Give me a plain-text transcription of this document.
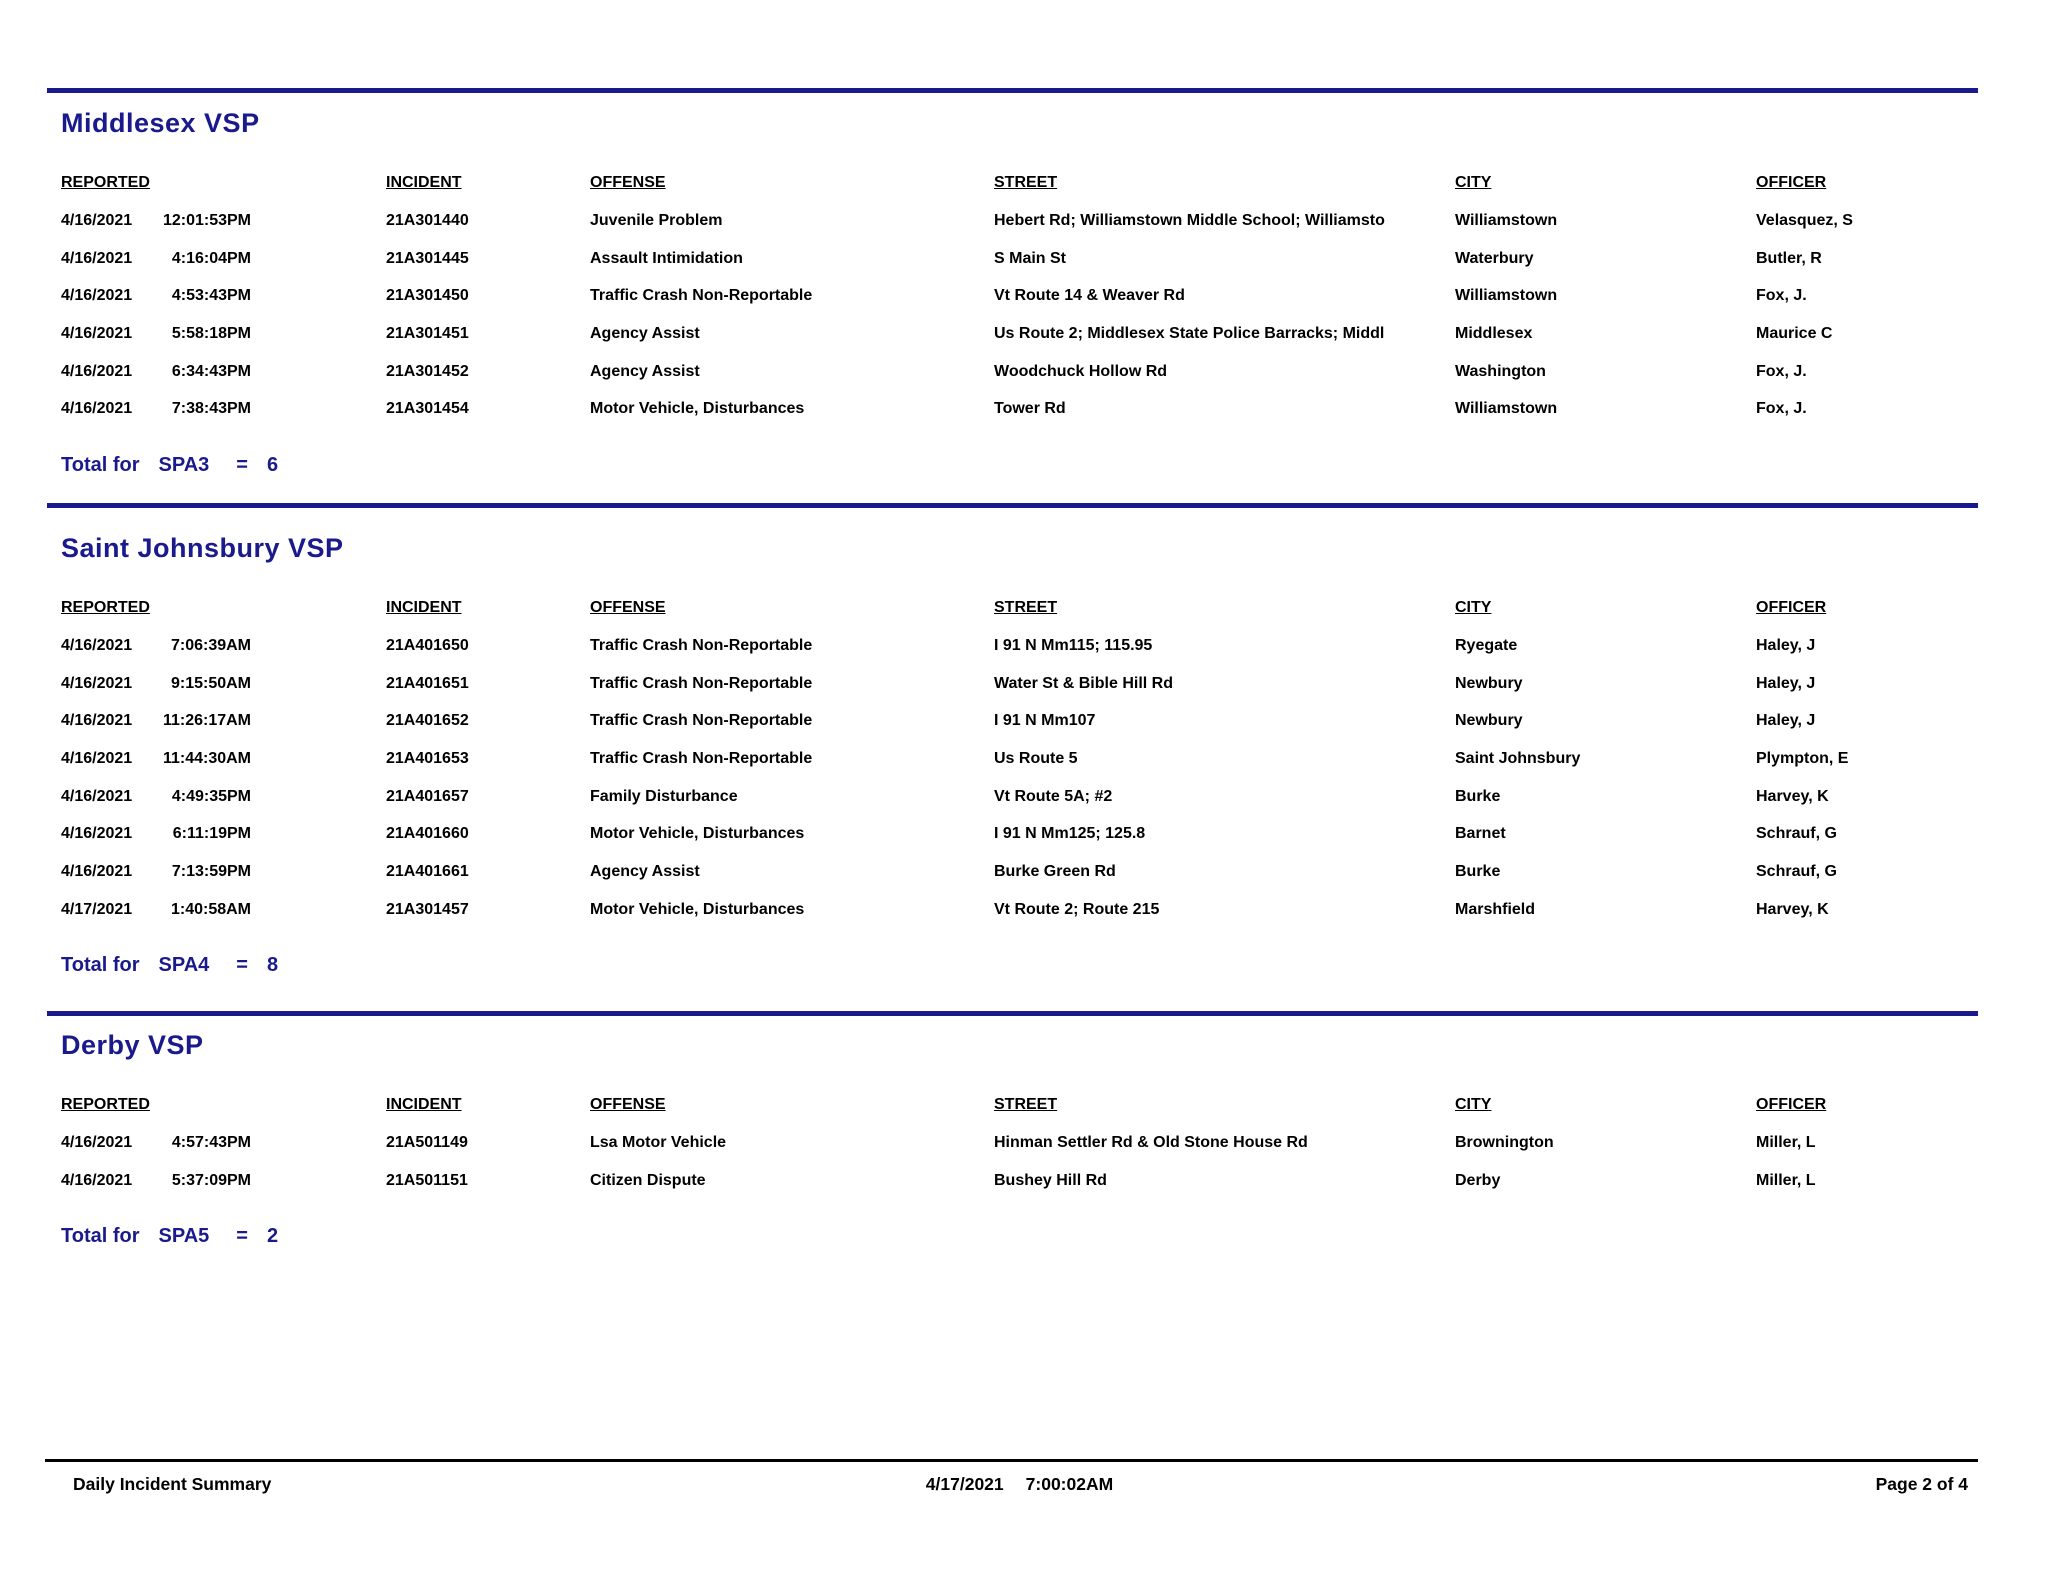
Middlesex VSP
REPORTED	INCIDENT	OFFENSE	STREET	CITY	OFFICER
4/16/2021	12:01:53PM	21A301440	Juvenile Problem	Hebert Rd; Williamstown Middle School; Williamsto	Williamstown	Velasquez, S
4/16/2021	4:16:04PM	21A301445	Assault Intimidation	S Main St	Waterbury	Butler, R
4/16/2021	4:53:43PM	21A301450	Traffic Crash Non-Reportable	Vt Route 14 & Weaver Rd	Williamstown	Fox, J.
4/16/2021	5:58:18PM	21A301451	Agency Assist	Us Route 2; Middlesex State Police Barracks; Middl	Middlesex	Maurice C
4/16/2021	6:34:43PM	21A301452	Agency Assist	Woodchuck Hollow Rd	Washington	Fox, J.
4/16/2021	7:38:43PM	21A301454	Motor Vehicle, Disturbances	Tower Rd	Williamstown	Fox, J.
Total for SPA3 = 6
Saint Johnsbury VSP
REPORTED	INCIDENT	OFFENSE	STREET	CITY	OFFICER
4/16/2021	7:06:39AM	21A401650	Traffic Crash Non-Reportable	I 91 N Mm115; 115.95	Ryegate	Haley, J
4/16/2021	9:15:50AM	21A401651	Traffic Crash Non-Reportable	Water St & Bible Hill Rd	Newbury	Haley, J
4/16/2021	11:26:17AM	21A401652	Traffic Crash Non-Reportable	I 91 N Mm107	Newbury	Haley, J
4/16/2021	11:44:30AM	21A401653	Traffic Crash Non-Reportable	Us Route 5	Saint Johnsbury	Plympton, E
4/16/2021	4:49:35PM	21A401657	Family Disturbance	Vt Route 5A; #2	Burke	Harvey, K
4/16/2021	6:11:19PM	21A401660	Motor Vehicle, Disturbances	I 91 N Mm125; 125.8	Barnet	Schrauf, G
4/16/2021	7:13:59PM	21A401661	Agency Assist	Burke Green Rd	Burke	Schrauf, G
4/17/2021	1:40:58AM	21A301457	Motor Vehicle, Disturbances	Vt Route 2; Route 215	Marshfield	Harvey, K
Total for SPA4 = 8
Derby VSP
REPORTED	INCIDENT	OFFENSE	STREET	CITY	OFFICER
4/16/2021	4:57:43PM	21A501149	Lsa Motor Vehicle	Hinman Settler Rd & Old Stone House Rd	Brownington	Miller, L
4/16/2021	5:37:09PM	21A501151	Citizen Dispute	Bushey Hill Rd	Derby	Miller, L
Total for SPA5 = 2
Daily Incident Summary	4/17/2021 7:00:02AM	Page 2 of 4
